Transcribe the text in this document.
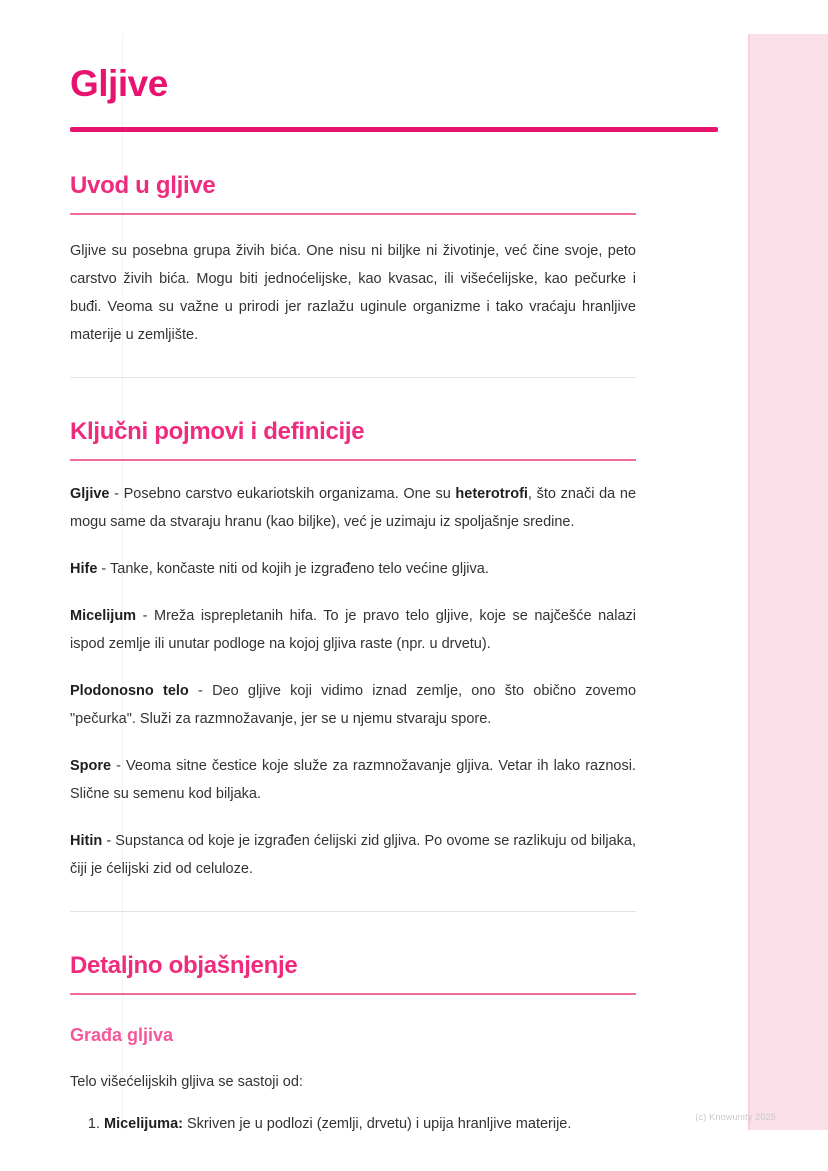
Gljive
Uvod u gljive

Gljive su posebna grupa živih bića. One nisu ni biljke ni životinje, već čine svoje, peto carstvo živih bića. Mogu biti jednoćelijske, kao kvasac, ili višećelijske, kao pečurke i buđi. Veoma su važne u prirodi jer razlažu uginule organizme i tako vraćaju hranljive materije u zemljište.

Ključni pojmovi i definicije

Gljive - Posebno carstvo eukariotskih organizama. One su heterotrofi, što znači da ne mogu same da stvaraju hranu (kao biljke), već je uzimaju iz spoljašnje sredine.

Hife - Tanke, končaste niti od kojih je izgrađeno telo većine gljiva.

Micelijum - Mreža isprepletanih hifa. To je pravo telo gljive, koje se najčešće nalazi ispod zemlje ili unutar podloge na kojoj gljiva raste (npr. u drvetu).

Plodonosno telo - Deo gljive koji vidimo iznad zemlje, ono što obično zovemo "pečurka". Služi za razmnožavanje, jer se u njemu stvaraju spore.

Spore - Veoma sitne čestice koje služe za razmnožavanje gljiva. Vetar ih lako raznosi. Slične su semenu kod biljaka.

Hitin - Supstanca od koje je izgrađen ćelijski zid gljiva. Po ovome se razlikuju od biljaka, čiji je ćelijski zid od celuloze.

Detaljno objašnjenje
Građa gljiva

Telo višećelijskih gljiva se sastoji od:

1. Micelijuma: Skriven je u podlozi (zemlji, drvetu) i upija hranljive materije.	(c) Knowunity 2025
